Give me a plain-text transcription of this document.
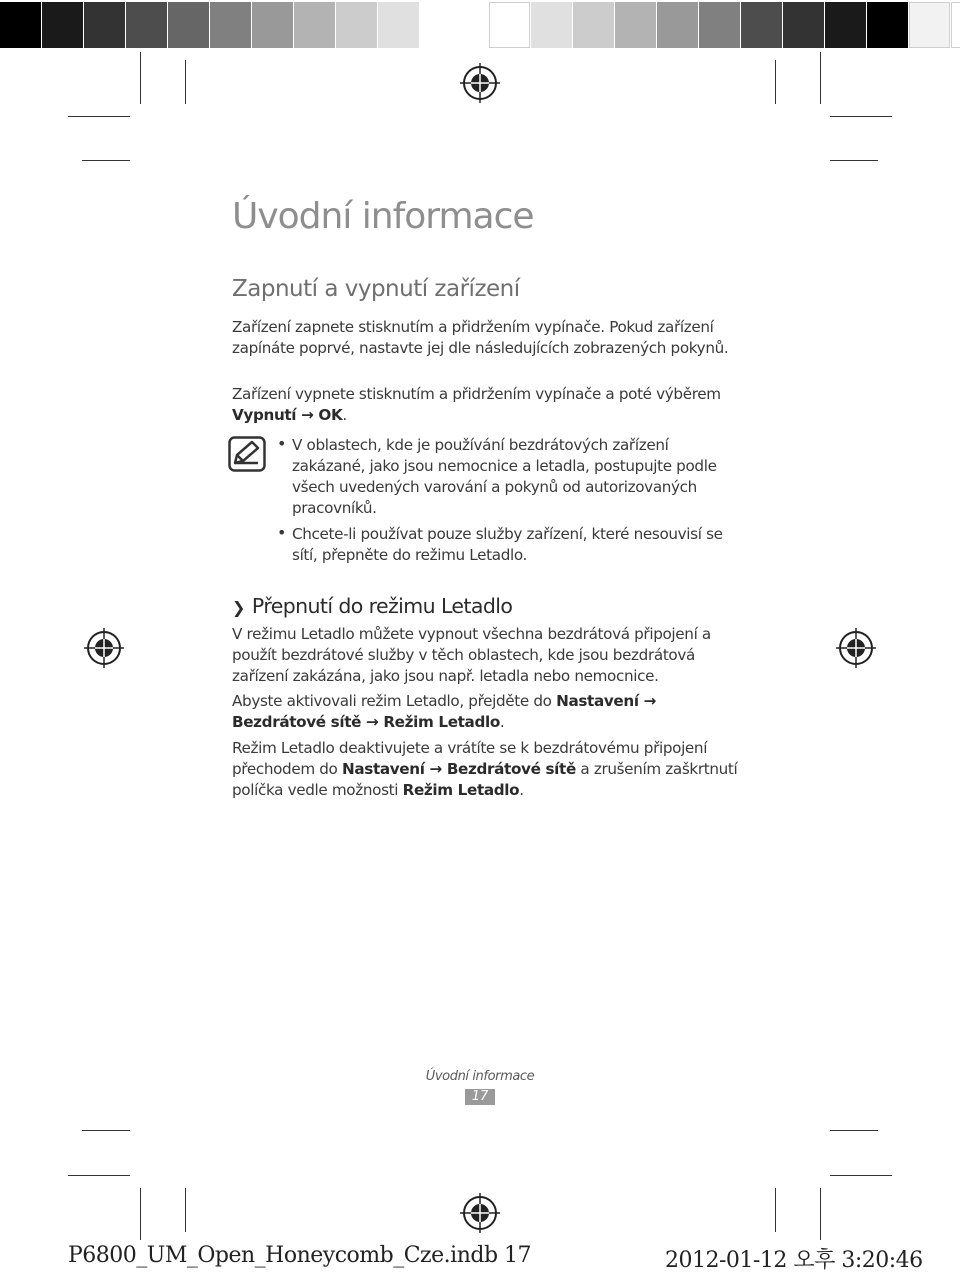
Úvodní informace
Zapnutí a vypnutí zařízení
Zařízení zapnete stisknutím a přidržením vypínače. Pokud zařízení zapínáte poprvé, nastavte jej dle následujících zobrazených pokynů.
Zařízení vypnete stisknutím a přidržením vypínače a poté výběrem Vypnutí → OK.
• V oblastech, kde je používání bezdrátových zařízení zakázané, jako jsou nemocnice a letadla, postupujte podle všech uvedených varování a pokynů od autorizovaných pracovníků.
• Chcete-li používat pouze služby zařízení, které nesouvisí se sítí, přepněte do režimu Letadlo.
❯ Přepnutí do režimu Letadlo
V režimu Letadlo můžete vypnout všechna bezdrátová připojení a použít bezdrátové služby v těch oblastech, kde jsou bezdrátová zařízení zakázána, jako jsou např. letadla nebo nemocnice.
Abyste aktivovali režim Letadlo, přejděte do Nastavení → Bezdrátové sítě → Režim Letadlo.
Režim Letadlo deaktivujete a vrátíte se k bezdrátovému připojení přechodem do Nastavení → Bezdrátové sítě a zrušením zaškrtnutí políčka vedle možnosti Režim Letadlo.
Úvodní informace
17
P6800_UM_Open_Honeycomb_Cze.indb 17	2012-01-12 오후 3:20:46
